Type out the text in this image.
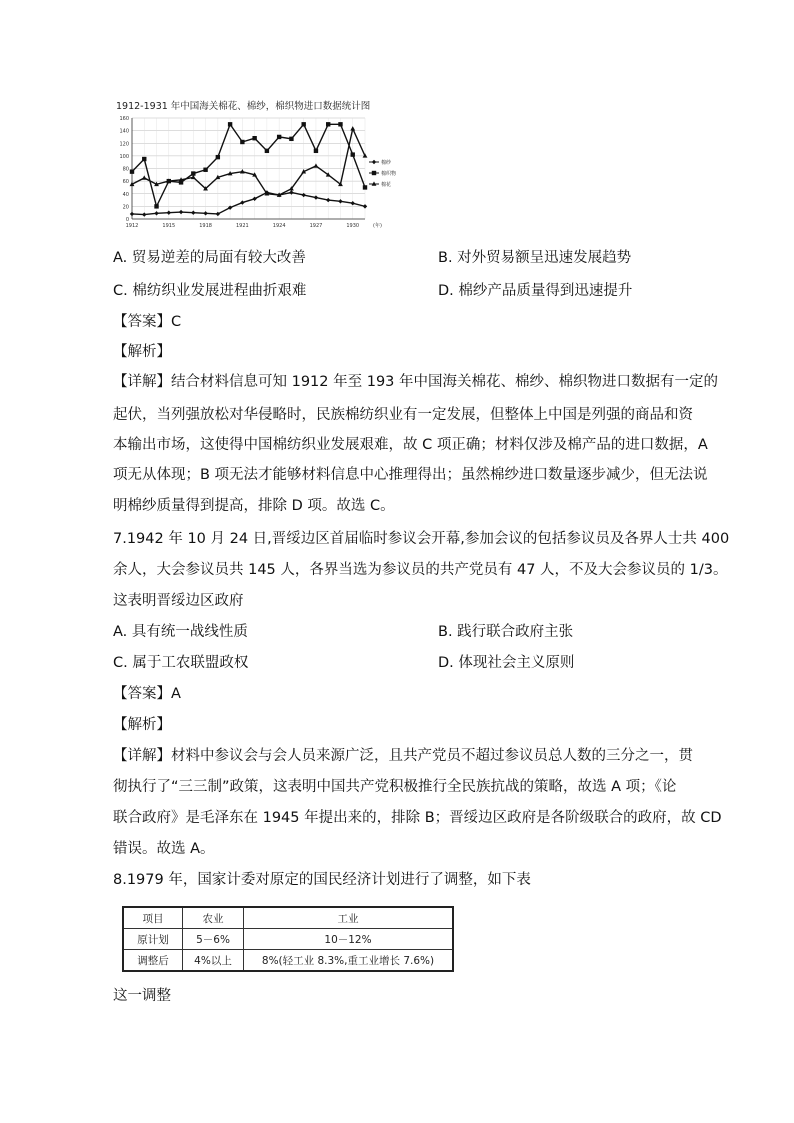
1912-1931 年中国海关棉花、棉纱，棉织物进口数据统计图
0
20
40
60
80
100
120
140
160
1912	1915	1918	1921	1924	1927	1930	(年)
棉纱
棉织物
棉花
A. 贸易逆差的局面有较大改善	B. 对外贸易额呈迅速发展趋势
C. 棉纺织业发展进程曲折艰难	D. 棉纱产品质量得到迅速提升
【答案】C
【解析】
【详解】结合材料信息可知 1912 年至 193 年中国海关棉花、棉纱、棉织物进口数据有一定的
起伏，当列强放松对华侵略时，民族棉纺织业有一定发展，但整体上中国是列强的商品和资
本输出市场，这使得中国棉纺织业发展艰难，故 C 项正确；材料仅涉及棉产品的进口数据，A
项无从体现；B 项无法才能够材料信息中心推理得出；虽然棉纱进口数量逐步减少，但无法说
明棉纱质量得到提高，排除 D 项。故选 C。
7.1942 年 10 月 24 日,晋绥边区首届临时参议会开幕,参加会议的包括参议员及各界人士共 400
余人，大会参议员共 145 人，各界当选为参议员的共产党员有 47 人，不及大会参议员的 1/3。
这表明晋绥边区政府
A. 具有统一战线性质	B. 践行联合政府主张
C. 属于工农联盟政权	D. 体现社会主义原则
【答案】A
【解析】
【详解】材料中参议会与会人员来源广泛，且共产党员不超过参议员总人数的三分之一，贯
彻执行了“三三制”政策，这表明中国共产党积极推行全民族抗战的策略，故选 A 项；《论
联合政府》是毛泽东在 1945 年提出来的，排除 B；晋绥边区政府是各阶级联合的政府，故 CD
错误。故选 A。
8.1979 年，国家计委对原定的国民经济计划进行了调整，如下表
项目	农业	工业
原计划	5－6%	10－12%
调整后	4%以上	8%(轻工业 8.3%,重工业增长 7.6%)
这一调整
